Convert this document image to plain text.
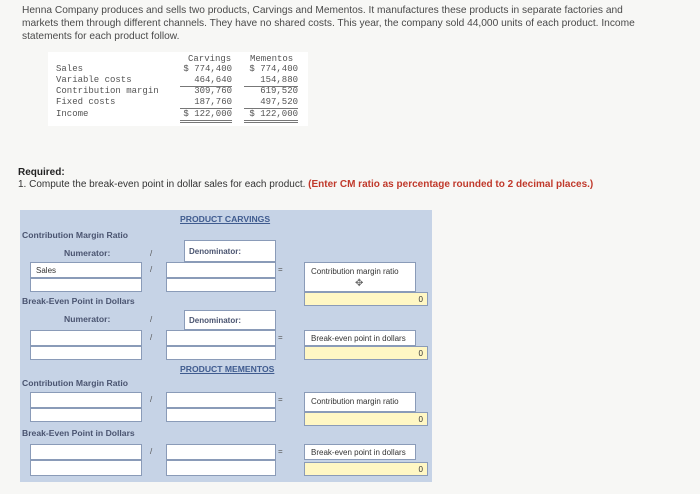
Henna Company produces and sells two products, Carvings and Mementos. It manufactures these products in separate factories and markets them through different channels. They have no shared costs. This year, the company sold 44,000 units of each product. Income statements for each product follow.
Carvings Mementos
Sales	$ 774,400	$ 774,400
Variable costs	464,640	154,880
Contribution margin	309,760	619,520
Fixed costs	187,760	497,520
Income	$ 122,000	$ 122,000
Required:
1. Compute the break-even point in dollar sales for each product. (Enter CM ratio as percentage rounded to 2 decimal places.)
PRODUCT CARVINGS
Contribution Margin Ratio
Numerator:	Denominator:
/
Sales	/	=	Contribution margin ratio
✥
0
Break-Even Point in Dollars
Numerator:	Denominator:
/
/	=	Break-even point in dollars
0
PRODUCT MEMENTOS
Contribution Margin Ratio
/	=	Contribution margin ratio
0
Break-Even Point in Dollars
/	=	Break-even point in dollars
0
